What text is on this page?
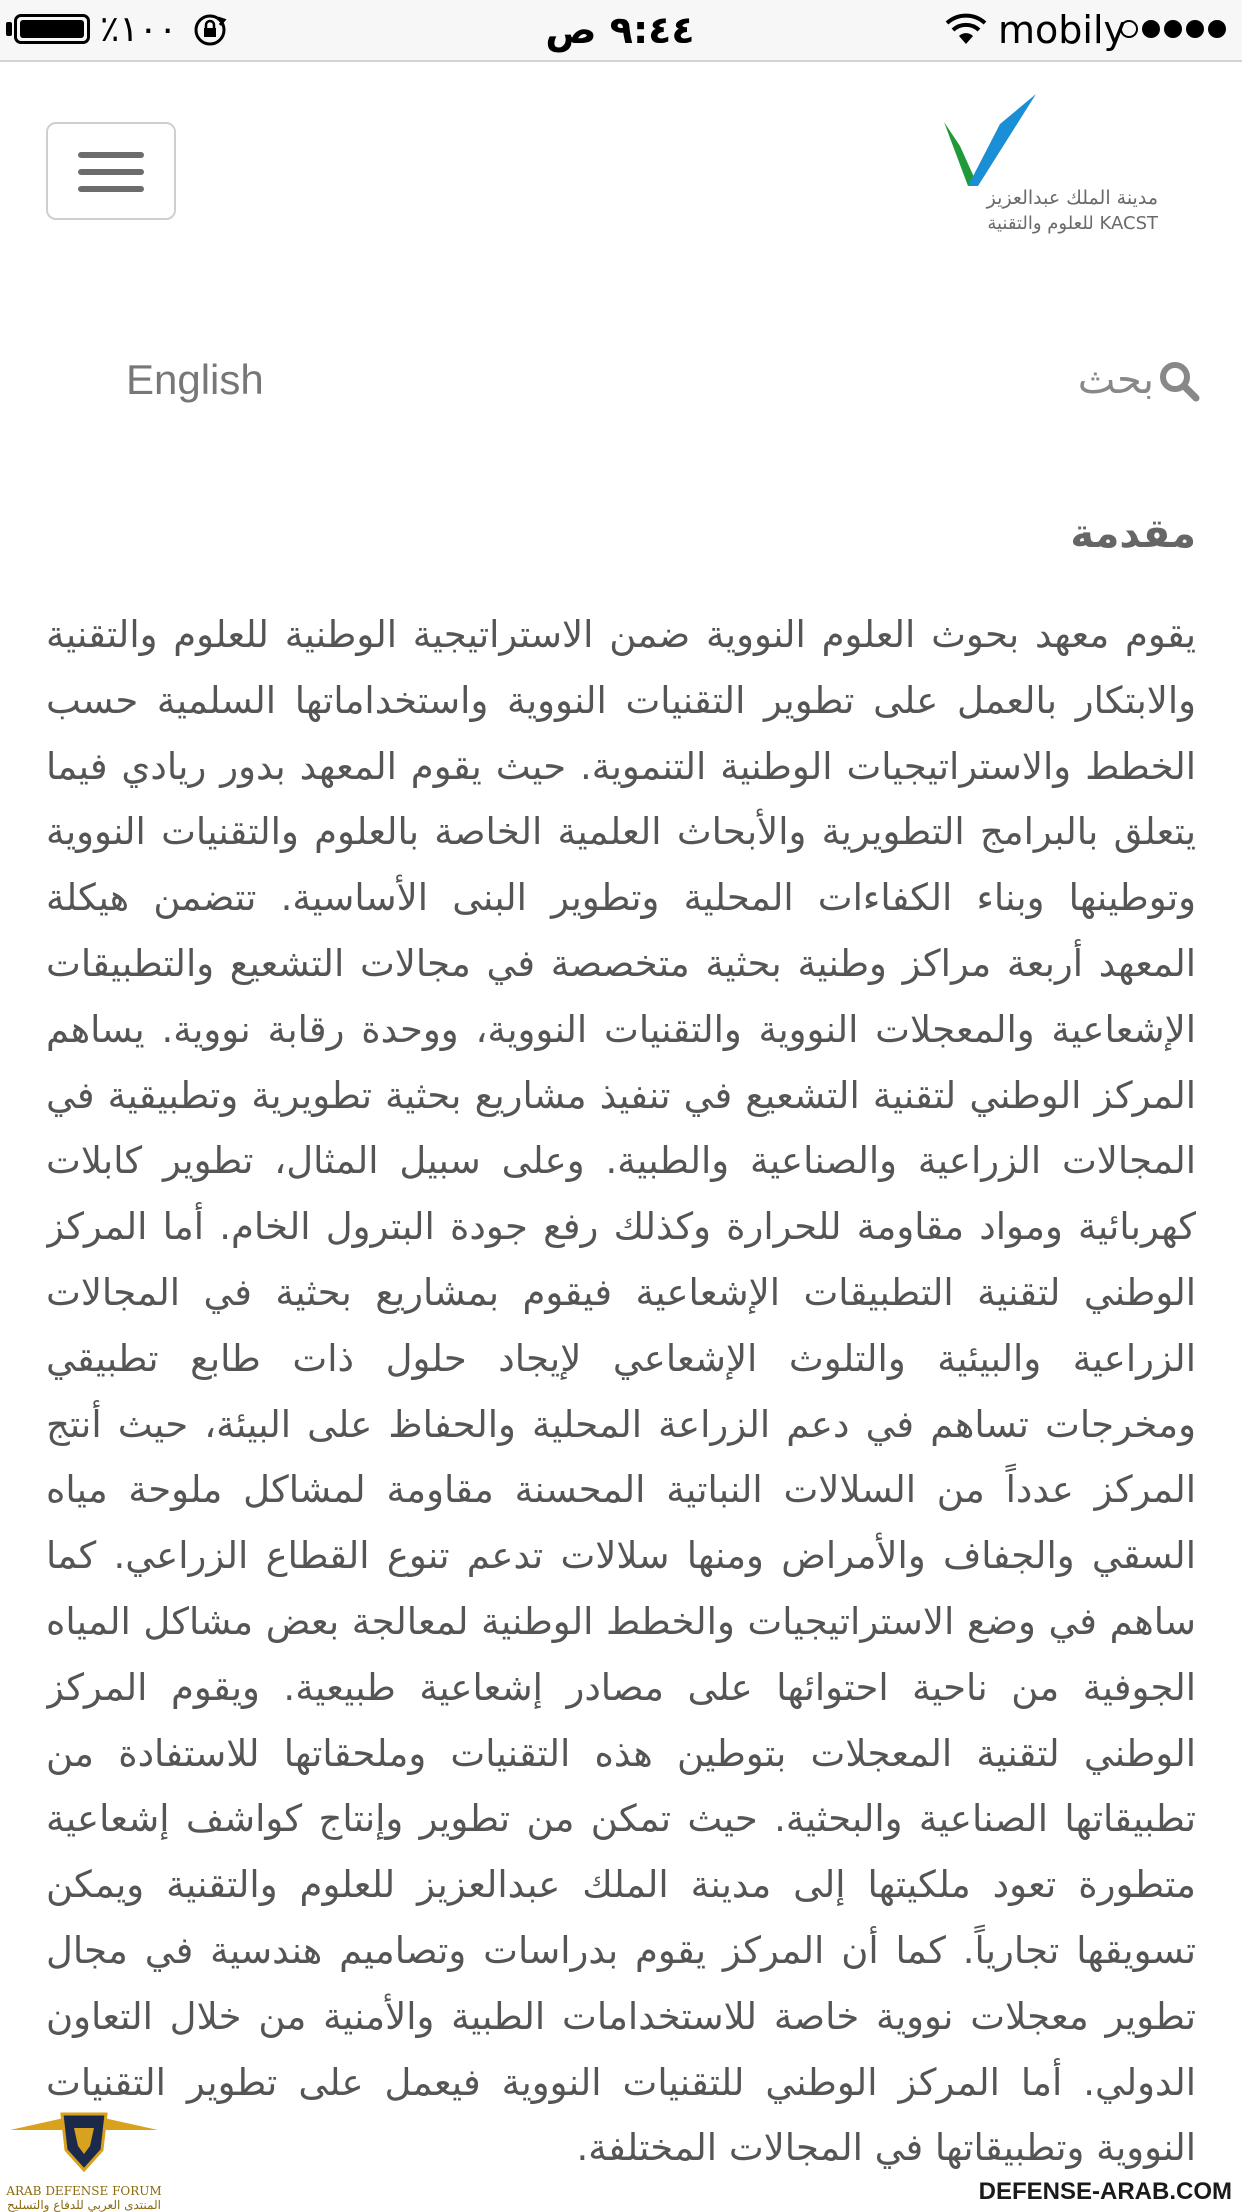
٪١٠٠	٩:٤٤ ص	mobily
مدينة الملك عبدالعزيز
للعلوم والتقنية KACST
English	بحث
مقدمة

يقوم معهد بحوث العلوم النووية ضمن الاستراتيجية الوطنية للعلوم والتقنية والابتكار بالعمل على تطوير التقنيات النووية واستخداماتها السلمية حسب الخطط والاستراتيجيات الوطنية التنموية. حيث يقوم المعهد بدور ريادي فيما يتعلق بالبرامج التطويرية والأبحاث العلمية الخاصة بالعلوم والتقنيات النووية وتوطينها وبناء الكفاءات المحلية وتطوير البنى الأساسية. تتضمن هيكلة المعهد أربعة مراكز وطنية بحثية متخصصة في مجالات التشعيع والتطبيقات الإشعاعية والمعجلات النووية والتقنيات النووية، ووحدة رقابة نووية. يساهم المركز الوطني لتقنية التشعيع في تنفيذ مشاريع بحثية تطويرية وتطبيقية في المجالات الزراعية والصناعية والطبية. وعلى سبيل المثال، تطوير كابلات كهربائية ومواد مقاومة للحرارة وكذلك رفع جودة البترول الخام. أما المركز الوطني لتقنية التطبيقات الإشعاعية فيقوم بمشاريع بحثية في المجالات الزراعية والبيئية والتلوث الإشعاعي لإيجاد حلول ذات طابع تطبيقي ومخرجات تساهم في دعم الزراعة المحلية والحفاظ على البيئة، حيث أنتج المركز عدداً من السلالات النباتية المحسنة مقاومة لمشاكل ملوحة مياه السقي والجفاف والأمراض ومنها سلالات تدعم تنوع القطاع الزراعي. كما ساهم في وضع الاستراتيجيات والخطط الوطنية لمعالجة بعض مشاكل المياه الجوفية من ناحية احتوائها على مصادر إشعاعية طبيعية. ويقوم المركز الوطني لتقنية المعجلات بتوطين هذه التقنيات وملحقاتها للاستفادة من تطبيقاتها الصناعية والبحثية. حيث تمكن من تطوير وإنتاج كواشف إشعاعية متطورة تعود ملكيتها إلى مدينة الملك عبدالعزيز للعلوم والتقنية ويمكن تسويقها تجارياً. كما أن المركز يقوم بدراسات وتصاميم هندسية في مجال تطوير معجلات نووية خاصة للاستخدامات الطبية والأمنية من خلال التعاون الدولي. أما المركز الوطني للتقنيات النووية فيعمل على تطوير التقنيات النووية وتطبيقاتها في المجالات المختلفة.

ARAB DEFENSE FORUM
المنتدى العربي للدفاع والتسليح	DEFENSE-ARAB.COM
